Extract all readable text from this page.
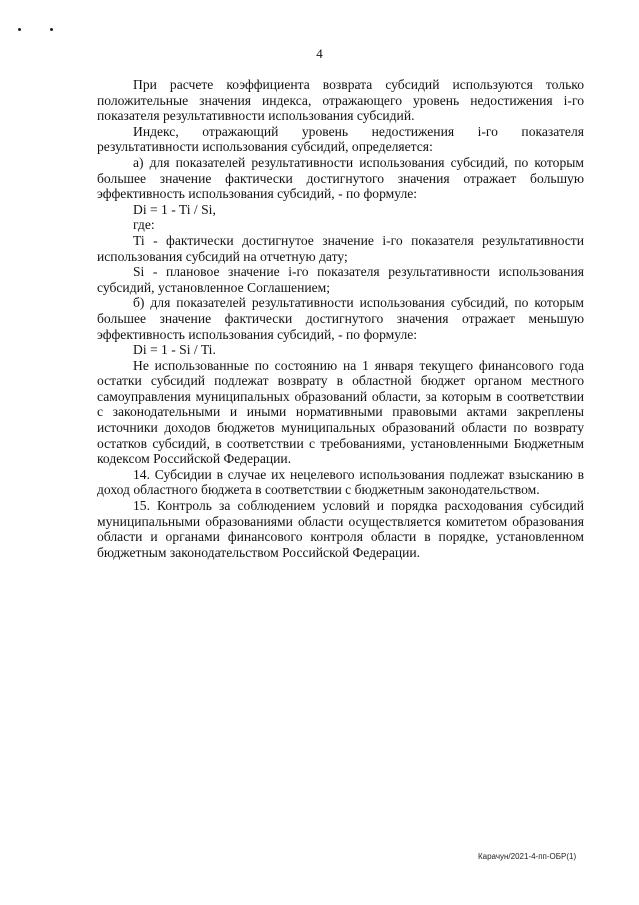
4

При расчете коэффициента возврата субсидий используются только положительные значения индекса, отражающего уровень недостижения i-го показателя результативности использования субсидий.

Индекс, отражающий уровень недостижения i-го показателя результативности использования субсидий, определяется:

а) для показателей результативности использования субсидий, по которым большее значение фактически достигнутого значения отражает большую эффективность использования субсидий, - по формуле:

Di = 1 - Ti / Si,

где:

Ti - фактически достигнутое значение i-го показателя результативности использования субсидий на отчетную дату;

Si - плановое значение i-го показателя результативности использования субсидий, установленное Соглашением;

б) для показателей результативности использования субсидий, по которым большее значение фактически достигнутого значения отражает меньшую эффективность использования субсидий, - по формуле:

Di = 1 - Si / Ti.

Не использованные по состоянию на 1 января текущего финансового года остатки субсидий подлежат возврату в областной бюджет органом местного самоуправления муниципальных образований области, за которым в соответствии с законодательными и иными нормативными правовыми актами закреплены источники доходов бюджетов муниципальных образований области по возврату остатков субсидий, в соответствии с требованиями, установленными Бюджетным кодексом Российской Федерации.

14. Субсидии в случае их нецелевого использования подлежат взысканию в доход областного бюджета в соответствии с бюджетным законодательством.

15. Контроль за соблюдением условий и порядка расходования субсидий муниципальными образованиями области осуществляется комитетом образования области и органами финансового контроля области в порядке, установленном бюджетным законодательством Российской Федерации.

Карачун/2021-4-пп-ОБР(1)
